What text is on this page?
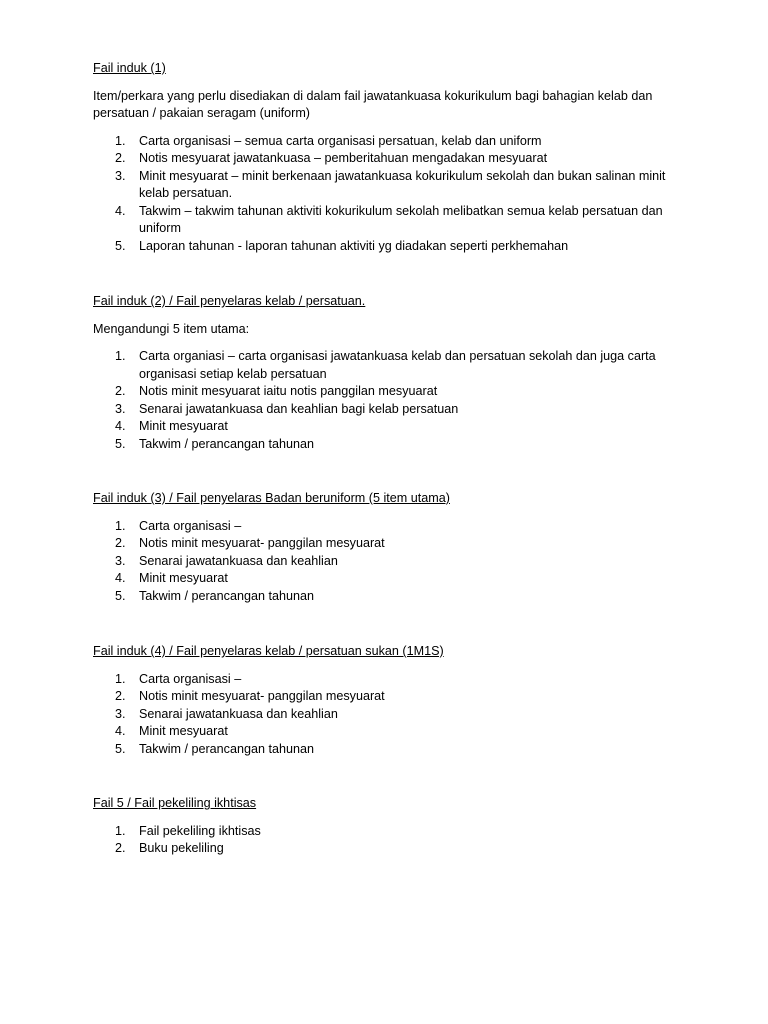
Fail induk (1)

Item/perkara yang perlu disediakan di dalam fail jawatankuasa kokurikulum bagi bahagian kelab dan persatuan / pakaian seragam (uniform)

1.	Carta organisasi – semua carta organisasi persatuan, kelab dan uniform
2.	Notis mesyuarat jawatankuasa – pemberitahuan mengadakan mesyuarat
3.	Minit mesyuarat – minit berkenaan jawatankuasa kokurikulum sekolah dan bukan salinan minit kelab persatuan.
4.	Takwim – takwim tahunan aktiviti kokurikulum sekolah melibatkan semua kelab persatuan dan uniform
5.	Laporan tahunan - laporan tahunan aktiviti yg diadakan seperti perkhemahan

Fail induk (2) / Fail penyelaras kelab / persatuan.

Mengandungi 5 item utama:

1.	Carta organiasi – carta organisasi jawatankuasa kelab dan persatuan sekolah dan juga carta organisasi setiap kelab persatuan
2.	Notis minit mesyuarat iaitu notis panggilan mesyuarat
3.	Senarai jawatankuasa dan keahlian bagi kelab persatuan
4.	Minit mesyuarat
5.	Takwim / perancangan tahunan

Fail induk (3) / Fail penyelaras Badan beruniform (5 item utama)

1.	Carta organisasi –
2.	Notis minit mesyuarat- panggilan mesyuarat
3.	Senarai jawatankuasa dan keahlian
4.	Minit mesyuarat
5.	Takwim / perancangan tahunan

Fail induk (4) / Fail penyelaras kelab / persatuan sukan (1M1S)

1.	Carta organisasi –
2.	Notis minit mesyuarat- panggilan mesyuarat
3.	Senarai jawatankuasa dan keahlian
4.	Minit mesyuarat
5.	Takwim / perancangan tahunan

Fail 5 / Fail pekeliling ikhtisas

1.	Fail pekeliling ikhtisas
2.	Buku pekeliling
